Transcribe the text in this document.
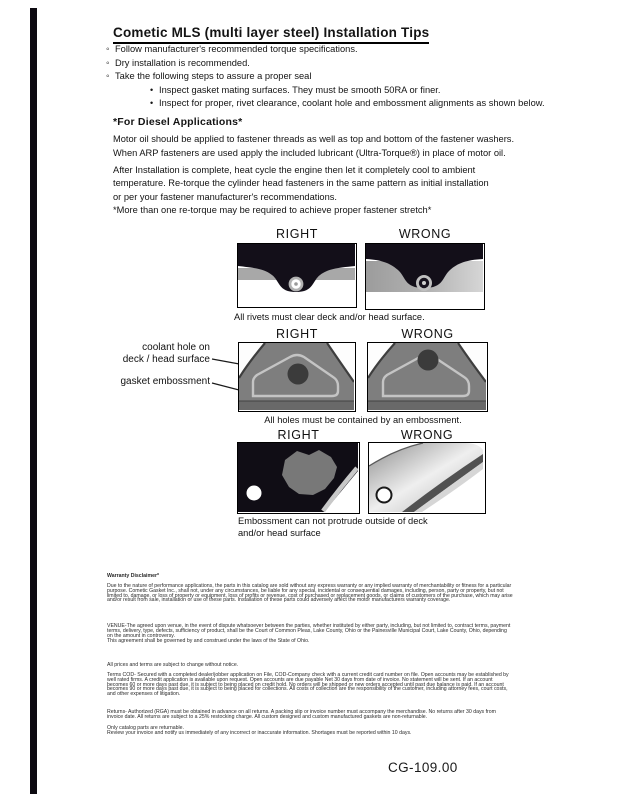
Cometic MLS (multi layer steel) Installation Tips
◦Follow manufacturer's recommended torque specifications.
◦Dry installation is recommended.
◦Take the following steps to assure a proper seal
•Inspect gasket mating surfaces. They must be smooth 50RA or finer.
•Inspect for proper, rivet clearance, coolant hole and embossment alignments as shown below.
*For Diesel Applications*
Motor oil should be applied to fastener threads as well as top and bottom of the fastener washers.
When ARP fasteners are used apply the included lubricant (Ultra-Torque®) in place of motor oil.
After Installation is complete, heat cycle the engine then let it completely cool to ambient
temperature. Re-torque the cylinder head fasteners in the same pattern as initial installation
or per your fastener manufacturer's recommendations.
*More than one re-torque may be required to achieve proper fastener stretch*
RIGHT	WRONG
All rivets must clear deck and/or head surface.
RIGHT	WRONG
coolant hole on
deck / head surface
gasket embossment
All holes must be contained by an embossment.
RIGHT	WRONG
Embossment can not protrude outside of deck
and/or head surface
Warranty Disclaimer*
Due to the nature of performance applications, the parts in this catalog are sold without any express warranty or any implied warranty of merchantability or fitness for a particular purpose. Cometic Gasket Inc., shall not, under any circumstances, be liable for any special, incidental or consequential damages, including, person, party or property, but not limited to, damage, or loss of property or equipment, loss of profits or revenue, cost of purchased or replacement goods, or claims of customers of the purchase, which may arise and/or result from sale, installation or use of these parts. Installation of these parts could adversely affect the motor manufacturers warranty coverage.
VENUE-The agreed upon venue, in the event of dispute whatsoever between the parties, whether instituted by either party, including, but not limited to, contract terms, payment terms, delivery, type, defects, sufficiency of product, shall be the Court of Common Pleas, Lake County, Ohio or the Painesville Municipal Court, Lake County, Ohio, depending on the amount in controversy.
This agreement shall be governed by and construed under the laws of the State of Ohio.
All prices and terms are subject to change without notice.
Terms COD- Secured with a completed dealer/jobber application on File, COD-Company check with a current credit card number on file. Open accounts may be established by well rated firms. A credit application is available upon request. Open accounts are due payable Net 30 days from date of invoice. No statement will be sent. If an account becomes 60 or more days past due, it is subject to being placed on credit hold. No orders will be shipped or new orders accepted until past due balance is paid. If an account becomes 90 or more days past due, it is subject to being placed for collections. All costs of collection are the responsibility of the customer, including attorney fees, court costs, and other expenses of litigation.
Returns- Authorized (RGA) must be obtained in advance on all returns. A packing slip or invoice number must accompany the merchandise. No returns after 30 days from invoice date. All returns are subject to a 25% restocking charge. All custom designed and custom manufactured gaskets are non-returnable.
Only catalog parts are returnable.
Review your invoice and notify us immediately of any incorrect or inaccurate information. Shortages must be reported within 10 days.
CG-109.00
